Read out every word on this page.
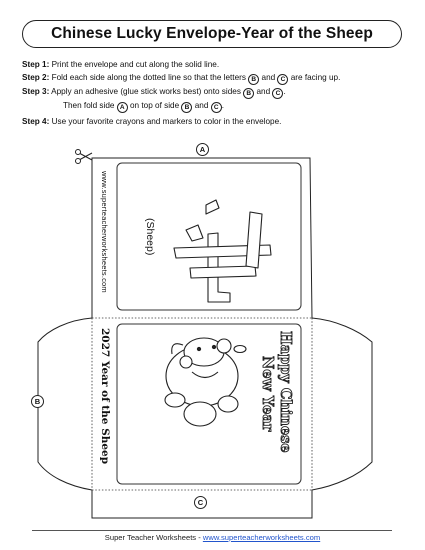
Chinese Lucky Envelope-Year of the Sheep
Step 1: Print the envelope and cut along the solid line.
Step 2: Fold each side along the dotted line so that the letters B and C are facing up.
Step 3: Apply an adhesive (glue stick works best) onto sides B and C .
Then fold side A on top of side B and C .
Step 4: Use your favorite crayons and markers to color in the envelope.
A
B
C
www.superteacherworksheets.com	(Sheep)
2027 Year of the Sheep	Happy Chinese
New Year
Super Teacher Worksheets - www.superteacherworksheets.com
